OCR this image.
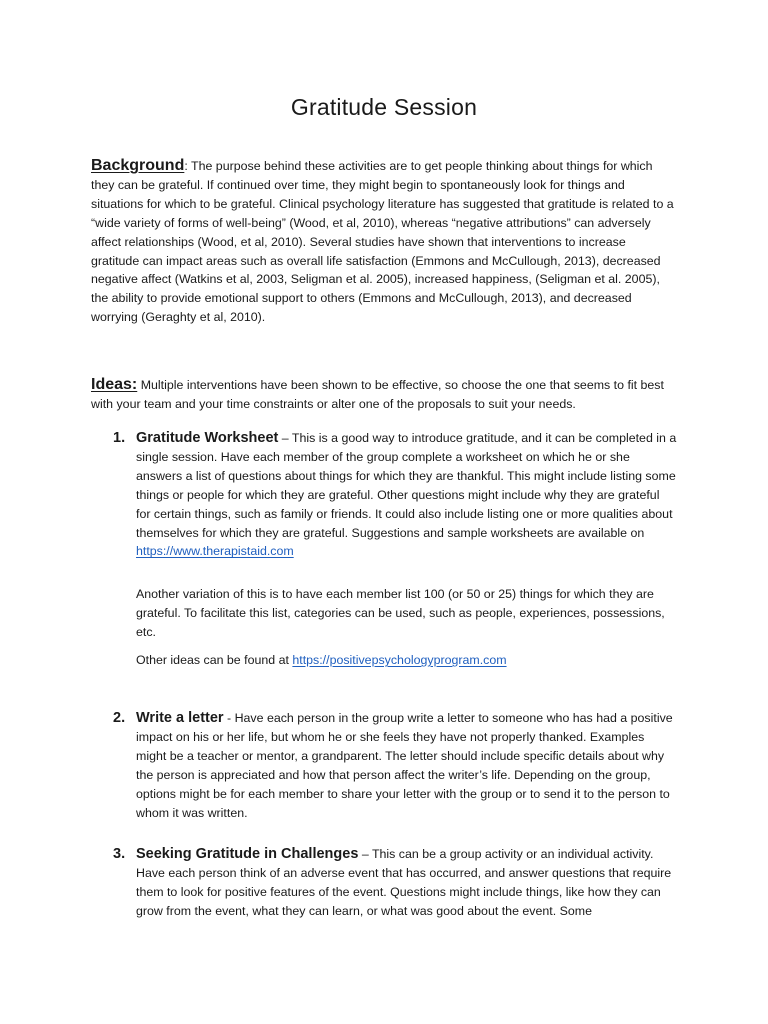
Gratitude Session
Background: The purpose behind these activities are to get people thinking about things for which they can be grateful. If continued over time, they might begin to spontaneously look for things and situations for which to be grateful. Clinical psychology literature has suggested that gratitude is related to a “wide variety of forms of well-being” (Wood, et al, 2010), whereas “negative attributions” can adversely affect relationships (Wood, et al, 2010). Several studies have shown that interventions to increase gratitude can impact areas such as overall life satisfaction (Emmons and McCullough, 2013), decreased negative affect (Watkins et al, 2003, Seligman et al. 2005), increased happiness, (Seligman et al. 2005), the ability to provide emotional support to others (Emmons and McCullough, 2013), and decreased worrying (Geraghty et al, 2010).
Ideas: Multiple interventions have been shown to be effective, so choose the one that seems to fit best with your team and your time constraints or alter one of the proposals to suit your needs.
1. Gratitude Worksheet – This is a good way to introduce gratitude, and it can be completed in a single session. Have each member of the group complete a worksheet on which he or she answers a list of questions about things for which they are thankful. This might include listing some things or people for which they are grateful. Other questions might include why they are grateful for certain things, such as family or friends. It could also include listing one or more qualities about themselves for which they are grateful. Suggestions and sample worksheets are available on https://www.therapistaid.com
Another variation of this is to have each member list 100 (or 50 or 25) things for which they are grateful. To facilitate this list, categories can be used, such as people, experiences, possessions, etc.
Other ideas can be found at https://positivepsychologyprogram.com
2. Write a letter - Have each person in the group write a letter to someone who has had a positive impact on his or her life, but whom he or she feels they have not properly thanked. Examples might be a teacher or mentor, a grandparent. The letter should include specific details about why the person is appreciated and how that person affect the writer’s life. Depending on the group, options might be for each member to share your letter with the group or to send it to the person to whom it was written.
3. Seeking Gratitude in Challenges – This can be a group activity or an individual activity. Have each person think of an adverse event that has occurred, and answer questions that require them to look for positive features of the event. Questions might include things, like how they can grow from the event, what they can learn, or what was good about the event. Some
